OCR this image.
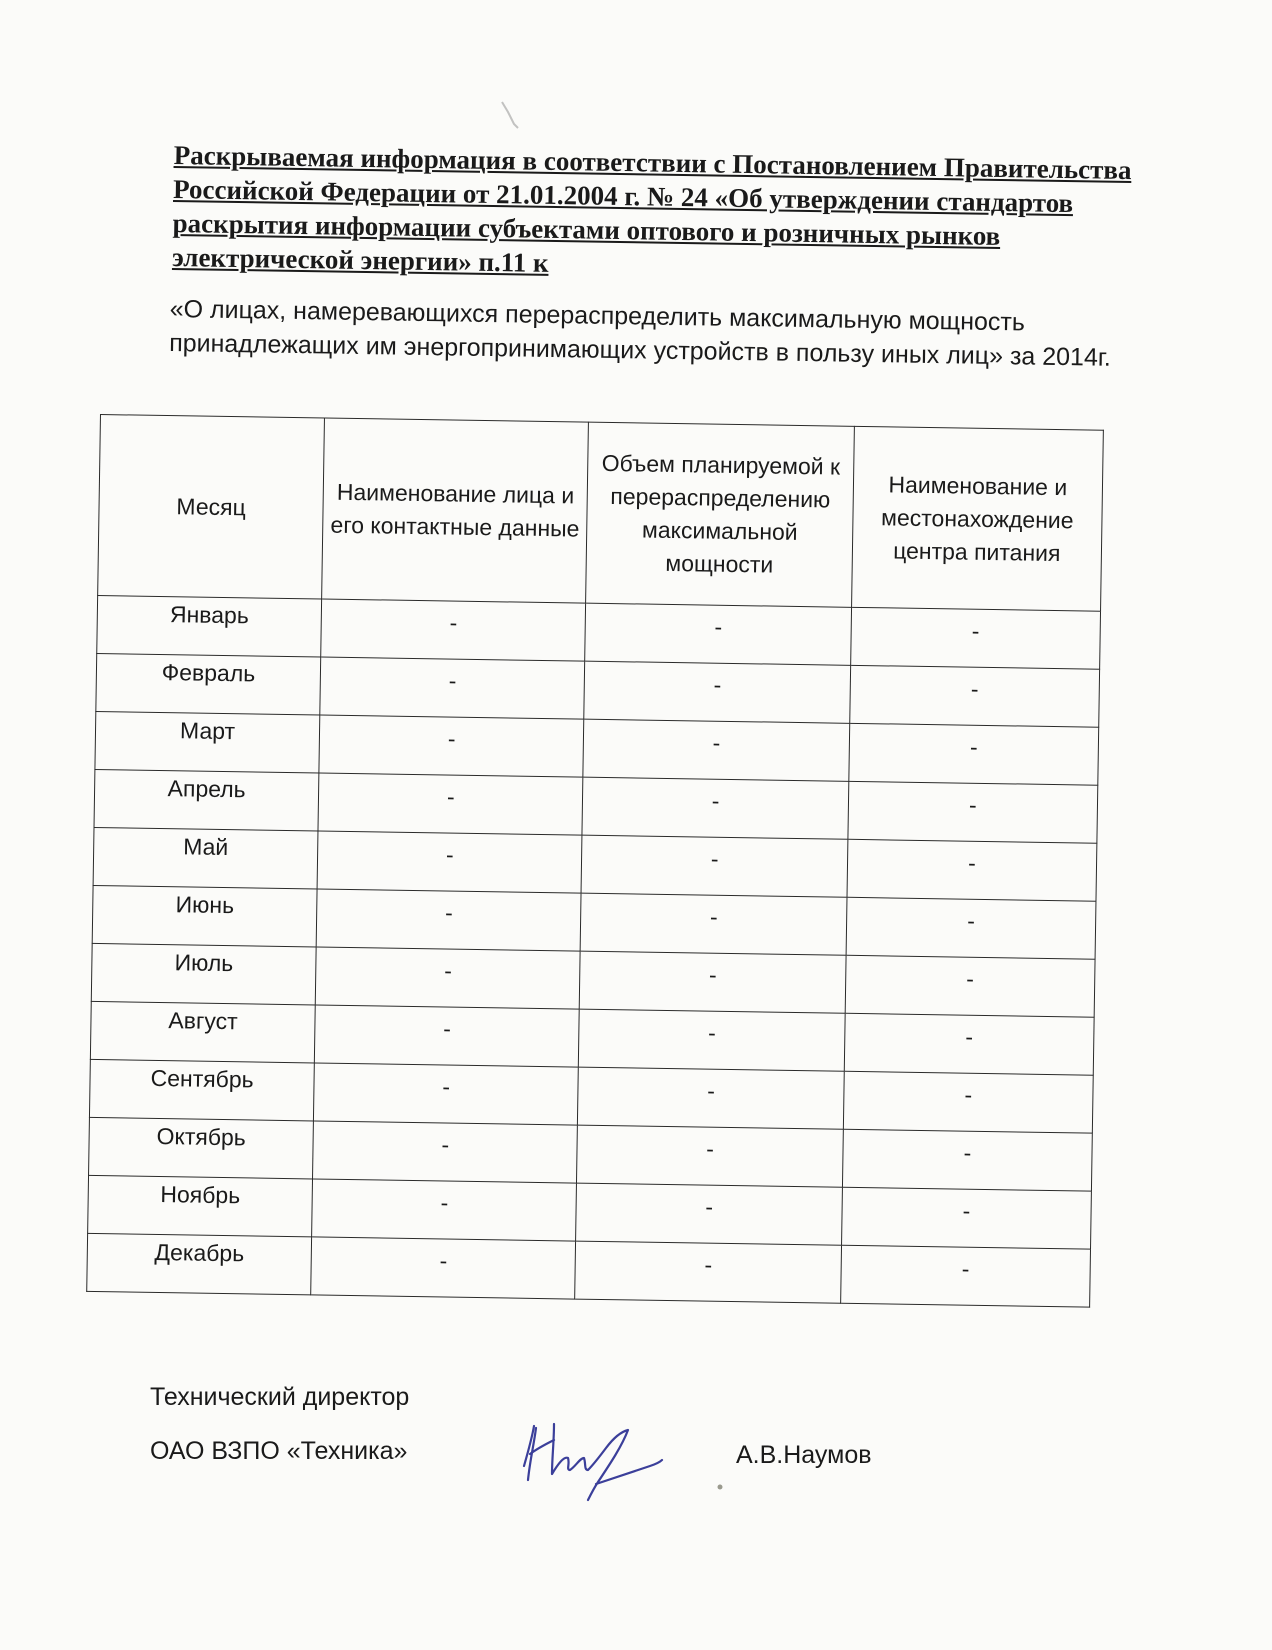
Раскрываемая информация в соответствии с Постановлением Правительства Российской Федерации от 21.01.2004 г. № 24 «Об утверждении стандартов раскрытия информации субъектами оптового и розничных рынков электрической энергии» п.11 к

«О лицах, намеревающихся перераспределить максимальную мощность принадлежащих им энергопринимающих устройств в пользу иных лиц» за 2014г.

Месяц	Наименование лица и его контактные данные	Объем планируемой к перераспределению максимальной мощности	Наименование и местонахождение центра питания
Январь	-	-	-
Февраль	-	-	-
Март	-	-	-
Апрель	-	-	-
Май	-	-	-
Июнь	-	-	-
Июль	-	-	-
Август	-	-	-
Сентябрь	-	-	-
Октябрь	-	-	-
Ноябрь	-	-	-
Декабрь	-	-	-

Технический директор

ОАО ВЗПО «Техника»	А.В.Наумов
